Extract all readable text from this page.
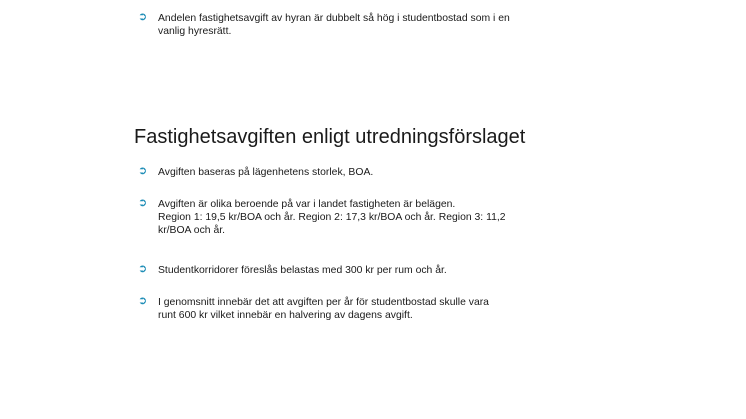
➲	Andelen fastighetsavgift av hyran är dubbelt så hög i studentbostad som i en
vanlig hyresrätt.
Fastighetsavgiften enligt utredningsförslaget
➲	Avgiften baseras på lägenhetens storlek, BOA.
➲	Avgiften är olika beroende på var i landet fastigheten är belägen.
Region 1: 19,5 kr/BOA och år. Region 2: 17,3 kr/BOA och år. Region 3: 11,2
kr/BOA och år.
➲	Studentkorridorer föreslås belastas med 300 kr per rum och år.
➲	I genomsnitt innebär det att avgiften per år för studentbostad skulle vara
runt 600 kr vilket innebär en halvering av dagens avgift.
